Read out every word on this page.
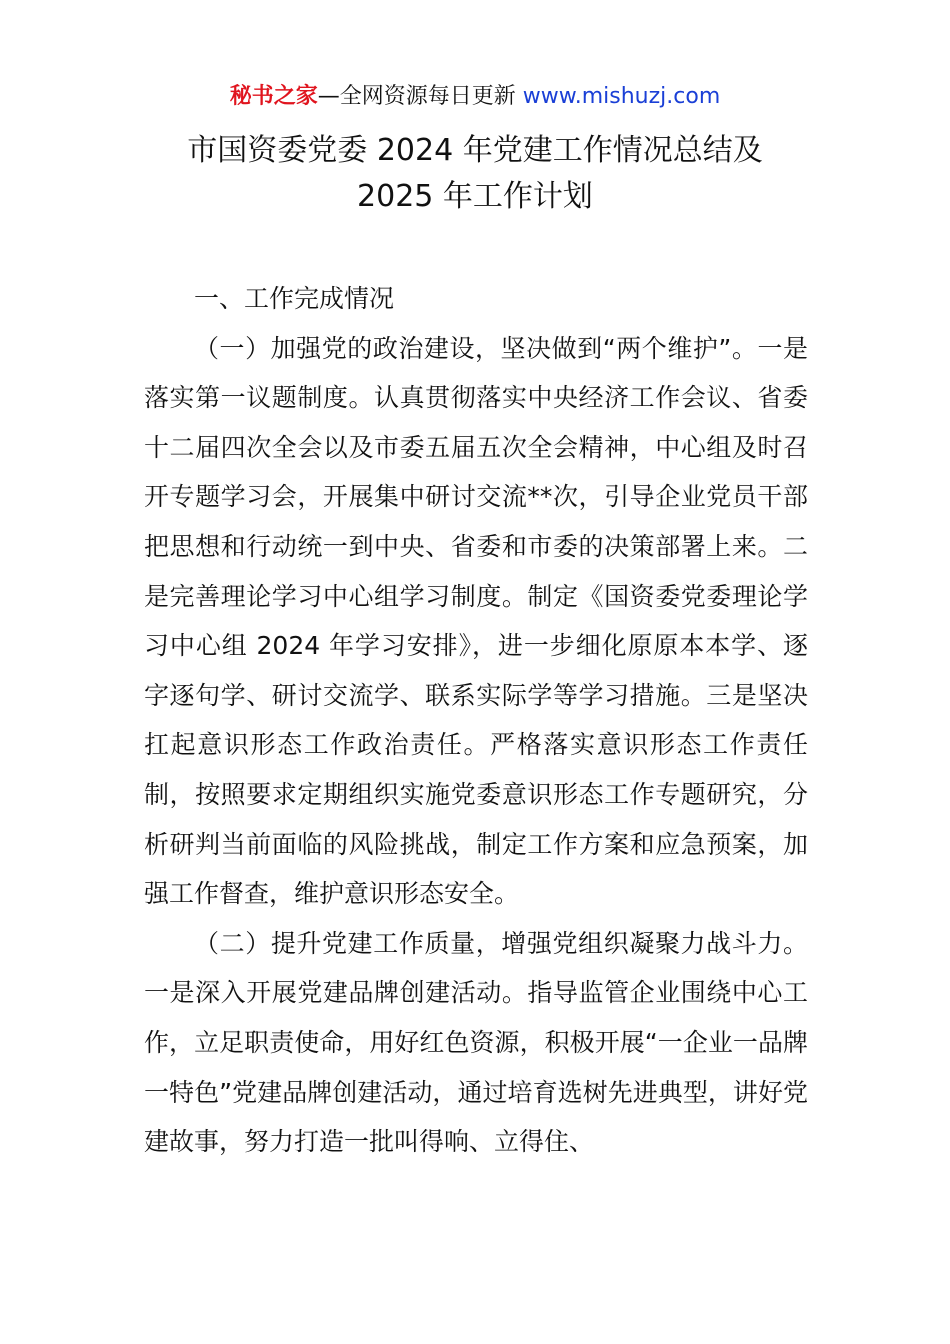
秘书之家—全网资源每日更新 www.mishuzj.com
市国资委党委 2024 年党建工作情况总结及
2025 年工作计划

一、工作完成情况

（一）加强党的政治建设，坚决做到“两个维护”。一是落实第一议题制度。认真贯彻落实中央经济工作会议、省委十二届四次全会以及市委五届五次全会精神，中心组及时召开专题学习会，开展集中研讨交流**次，引导企业党员干部把思想和行动统一到中央、省委和市委的决策部署上来。二是完善理论学习中心组学习制度。制定《国资委党委理论学习中心组 2024 年学习安排》，进一步细化原原本本学、逐字逐句学、研讨交流学、联系实际学等学习措施。三是坚决扛起意识形态工作政治责任。严格落实意识形态工作责任制，按照要求定期组织实施党委意识形态工作专题研究，分析研判当前面临的风险挑战，制定工作方案和应急预案，加强工作督查，维护意识形态安全。

（二）提升党建工作质量，增强党组织凝聚力战斗力。一是深入开展党建品牌创建活动。指导监管企业围绕中心工作，立足职责使命，用好红色资源，积极开展“一企业一品牌一特色”党建品牌创建活动，通过培育选树先进典型，讲好党建故事，努力打造一批叫得响、立得住、
